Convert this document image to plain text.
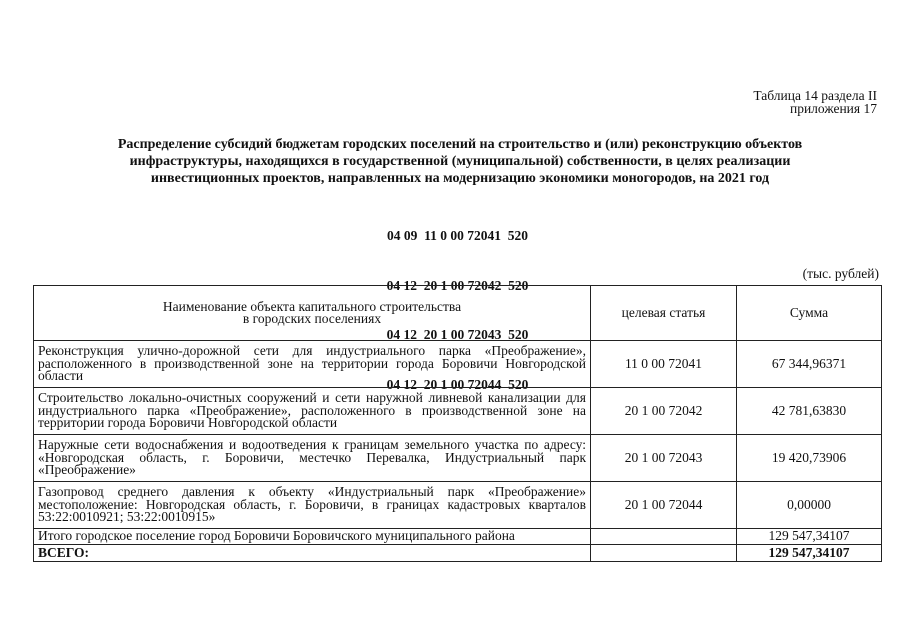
Таблица 14 раздела II
приложения 17
Распределение субсидий бюджетам городских поселений на строительство и (или) реконструкцию объектов
инфраструктуры, находящихся в государственной (муниципальной) собственности, в целях реализации
инвестиционных проектов, направленных на модернизацию экономики моногородов, на 2021 год

04 09  11 0 00 72041  520

04 12  20 1 00 72042  520

04 12  20 1 00 72043  520

04 12  20 1 00 72044  520

(тыс. рублей)
Наименование объекта капитального строительства
в городских поселениях	целевая статья	Сумма
Реконструкция улично-дорожной сети для индустриального парка «Преображение», расположенного в производственной зоне на территории города Боровичи Новгородской области	11 0 00 72041	67 344,96371
Строительство локально-очистных сооружений и сети наружной ливневой канализации для индустриального парка «Преображение», расположенного в производственной зоне на территории города Боровичи Новгородской области	20 1 00 72042	42 781,63830
Наружные сети водоснабжения и водоотведения к границам земельного участка по адресу: «Новгородская область, г. Боровичи, местечко Перевалка, Индустриальный парк «Преображение»	20 1 00 72043	19 420,73906
Газопровод среднего давления к объекту «Индустриальный парк «Преображение» местоположение: Новгородская область, г. Боровичи, в границах кадастровых кварталов 53:22:0010921; 53:22:0010915»	20 1 00 72044	0,00000
Итого городское поселение город Боровичи Боровичского муниципального района		129 547,34107
ВСЕГО:		129 547,34107
